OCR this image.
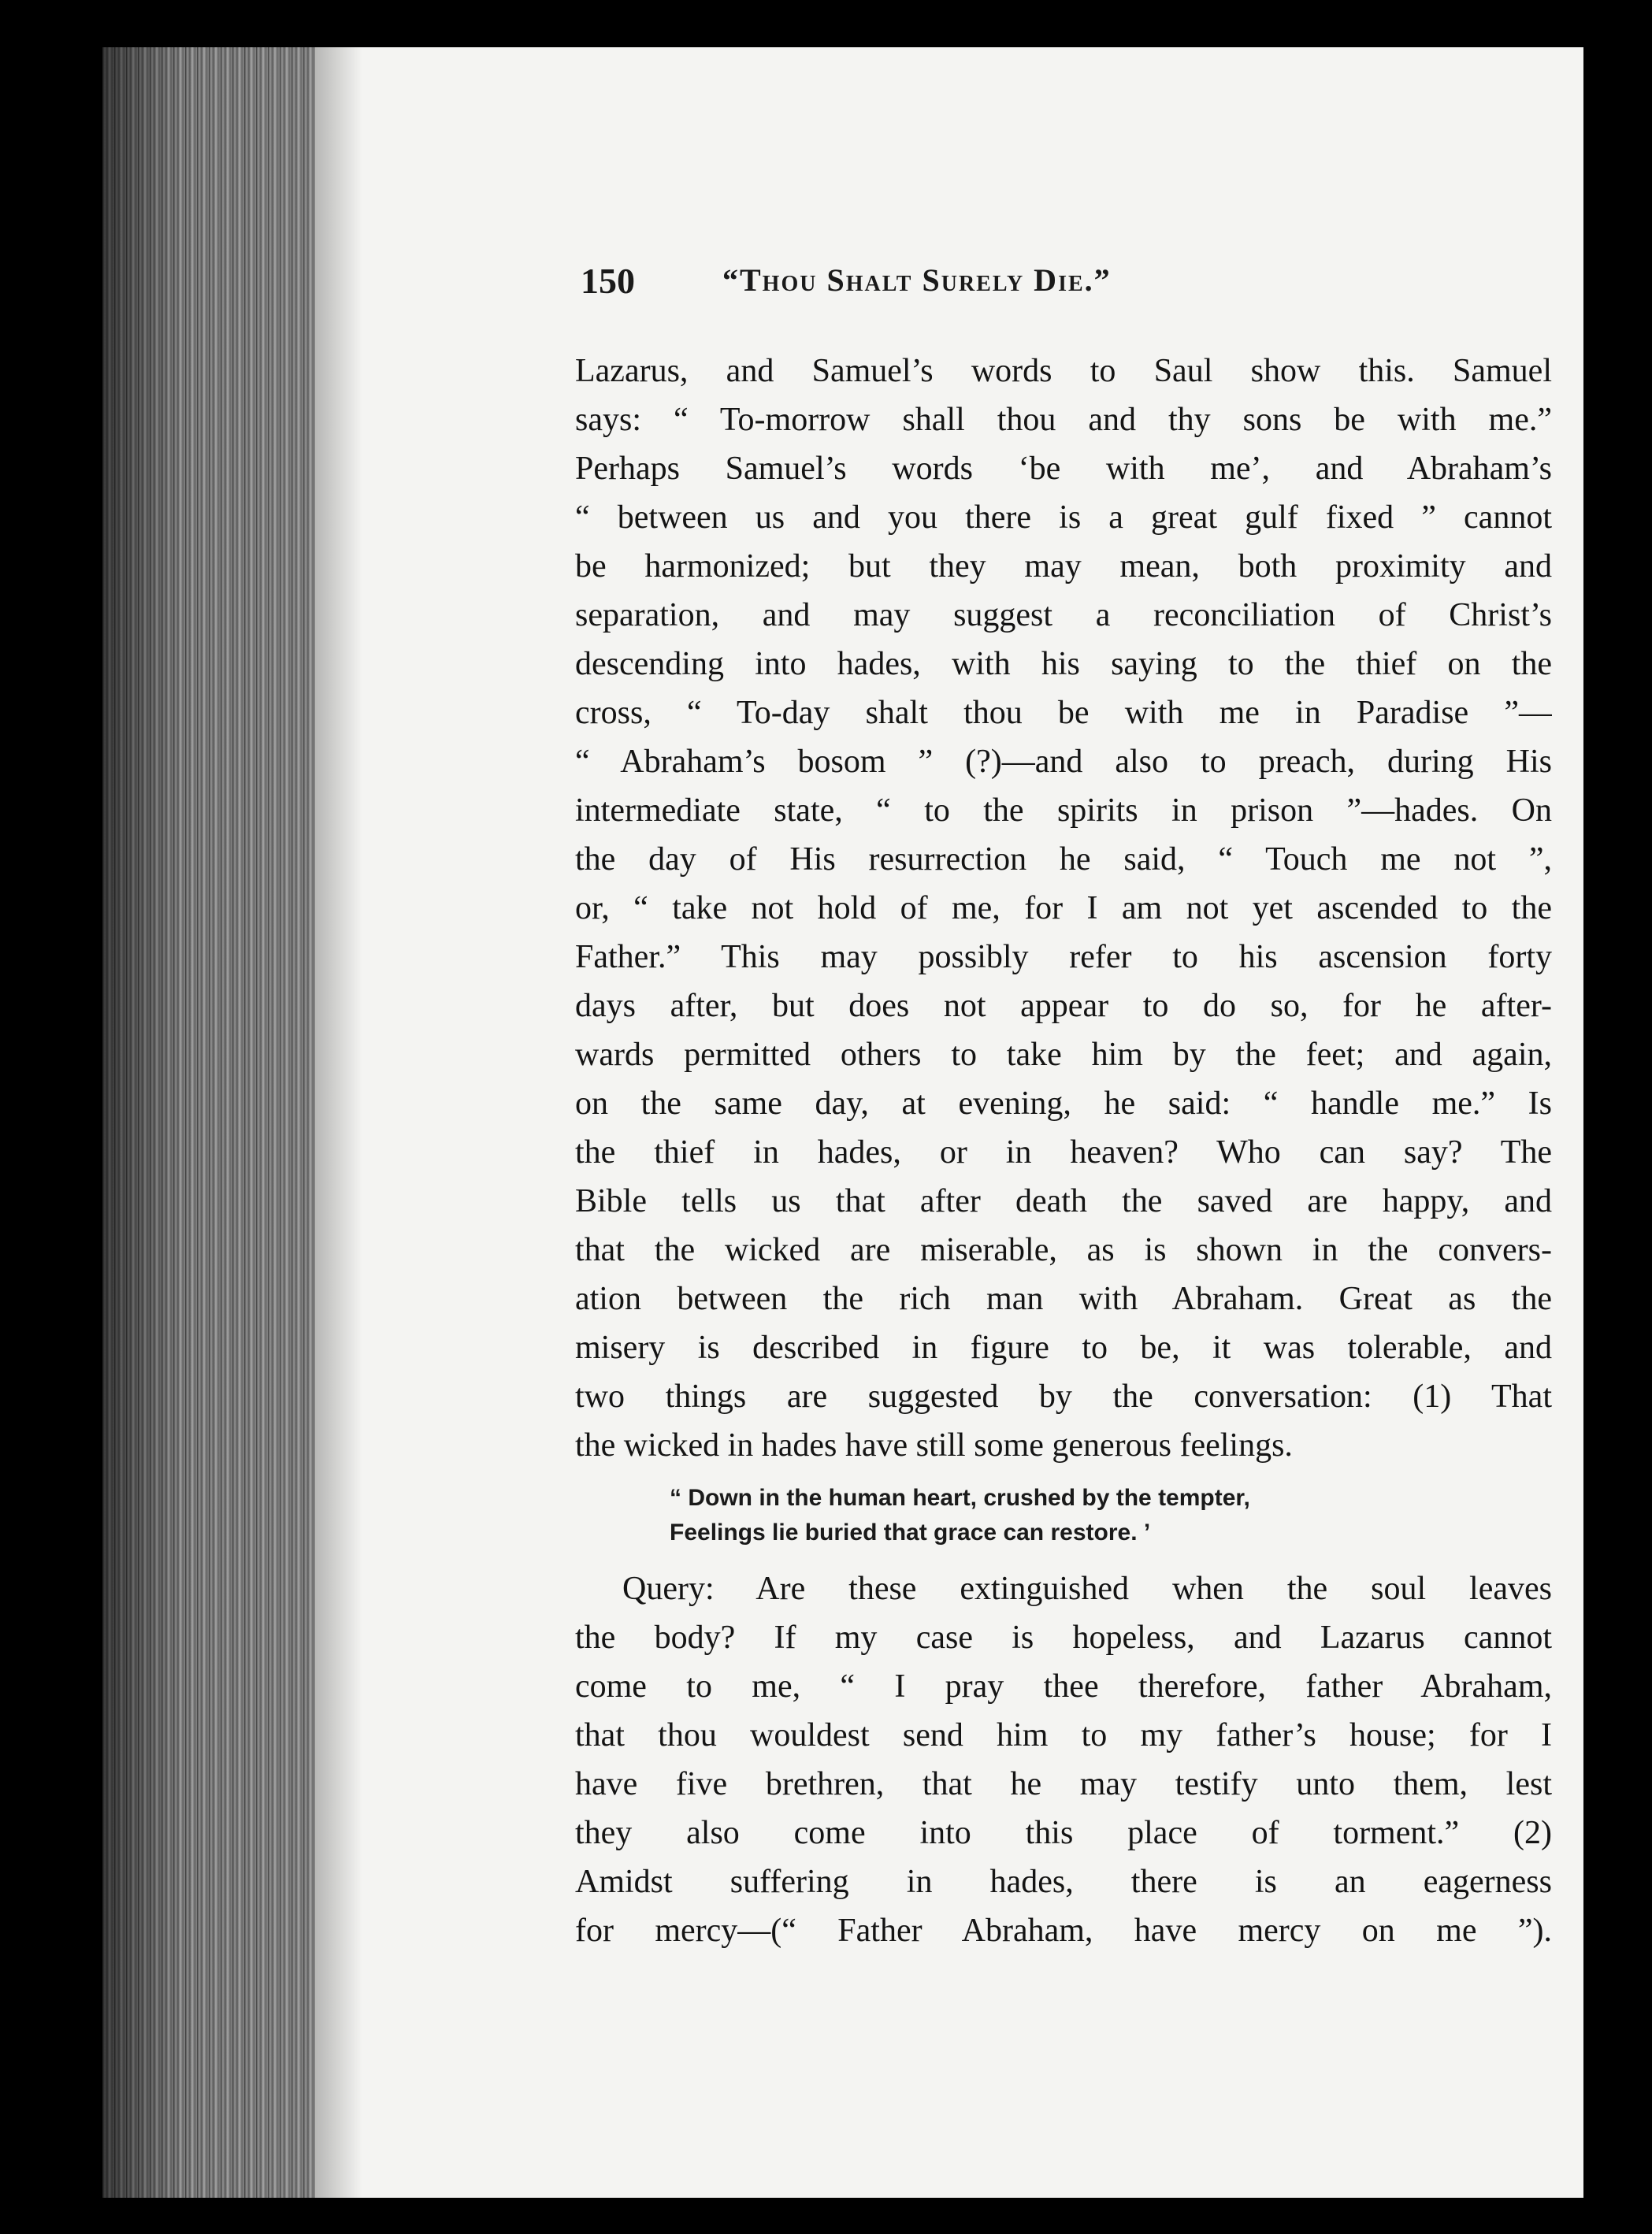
150	“Thou Shalt Surely Die.”
Lazarus, and Samuel’s words to Saul show this. Samuel
says: “ To-morrow shall thou and thy sons be with me.”
Perhaps Samuel’s words ‘be with me’, and Abraham’s
“ between us and you there is a great gulf fixed ” cannot
be harmonized; but they may mean, both proximity and
separation, and may suggest a reconciliation of Christ’s
descending into hades, with his saying to the thief on the
cross, “ To-day shalt thou be with me in Paradise ”—
“ Abraham’s bosom ” (?)—and also to preach, during His
intermediate state, “ to the spirits in prison ”—hades. On
the day of His resurrection he said, “ Touch me not ”,
or, “ take not hold of me, for I am not yet ascended to the
Father.” This may possibly refer to his ascension forty
days after, but does not appear to do so, for he after-
wards permitted others to take him by the feet; and again,
on the same day, at evening, he said: “ handle me.” Is
the thief in hades, or in heaven? Who can say? The
Bible tells us that after death the saved are happy, and
that the wicked are miserable, as is shown in the convers-
ation between the rich man with Abraham. Great as the
misery is described in figure to be, it was tolerable, and
two things are suggested by the conversation: (1) That
the wicked in hades have still some generous feelings.
“ Down in the human heart, crushed by the tempter,
Feelings lie buried that grace can restore. ’
Query: Are these extinguished when the soul leaves
the body? If my case is hopeless, and Lazarus cannot
come to me, “ I pray thee therefore, father Abraham,
that thou wouldest send him to my father’s house; for I
have five brethren, that he may testify unto them, lest
they also come into this place of torment.” (2)
Amidst suffering in hades, there is an eagerness
for mercy—(“ Father Abraham, have mercy on me ”).
